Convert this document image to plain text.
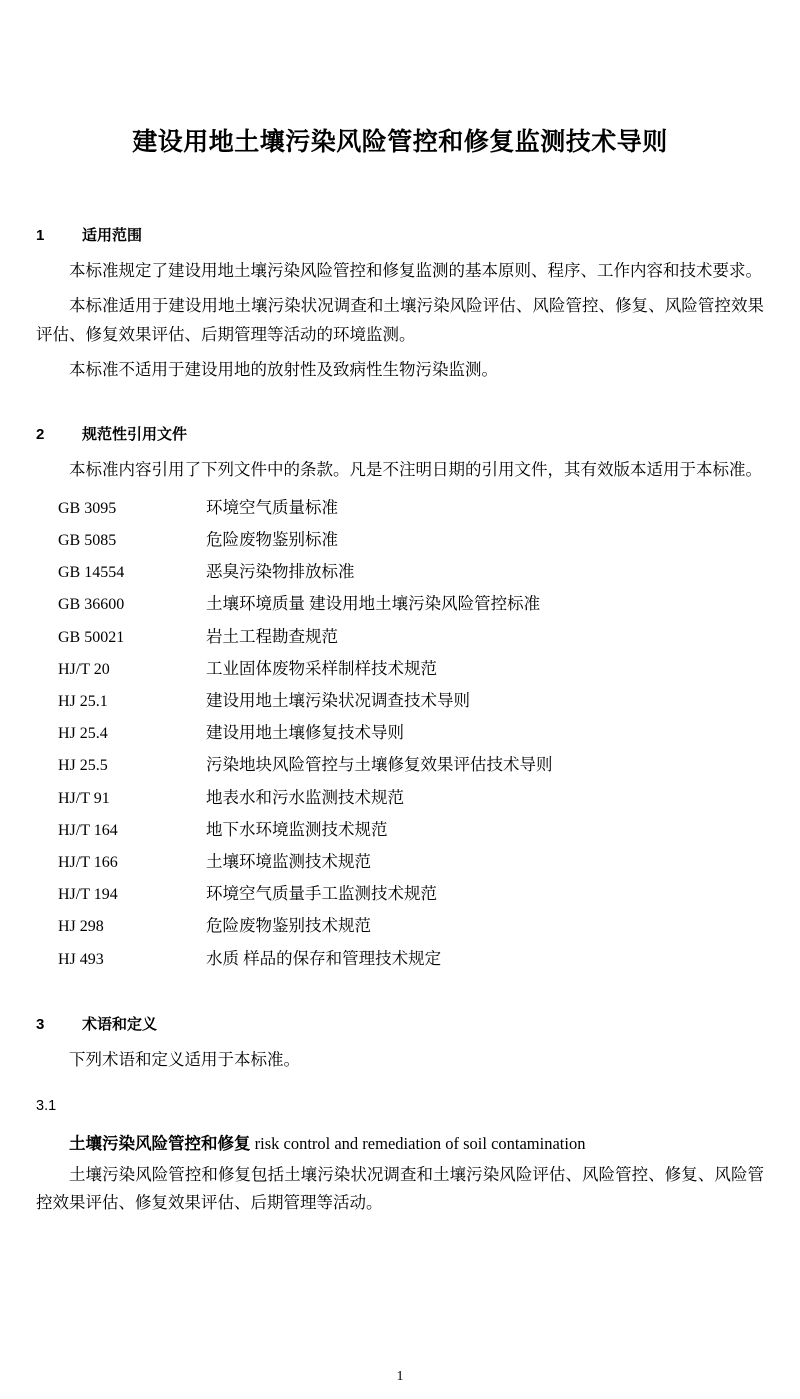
建设用地土壤污染风险管控和修复监测技术导则
1	适用范围

本标准规定了建设用地土壤污染风险管控和修复监测的基本原则、程序、工作内容和技术要求。

本标准适用于建设用地土壤污染状况调查和土壤污染风险评估、风险管控、修复、风险管控效果评估、修复效果评估、后期管理等活动的环境监测。

本标准不适用于建设用地的放射性及致病性生物污染监测。

2	规范性引用文件

本标准内容引用了下列文件中的条款。凡是不注明日期的引用文件，其有效版本适用于本标准。

GB 3095	环境空气质量标准
GB 5085	危险废物鉴别标准
GB 14554	恶臭污染物排放标准
GB 36600	土壤环境质量 建设用地土壤污染风险管控标准
GB 50021	岩土工程勘查规范
HJ/T 20	工业固体废物采样制样技术规范
HJ 25.1	建设用地土壤污染状况调查技术导则
HJ 25.4	建设用地土壤修复技术导则
HJ 25.5	污染地块风险管控与土壤修复效果评估技术导则
HJ/T 91	地表水和污水监测技术规范
HJ/T 164	地下水环境监测技术规范
HJ/T 166	土壤环境监测技术规范
HJ/T 194	环境空气质量手工监测技术规范
HJ 298	危险废物鉴别技术规范
HJ 493	水质 样品的保存和管理技术规定
3	术语和定义

下列术语和定义适用于本标准。

3.1
土壤污染风险管控和修复 risk control and remediation of soil contamination

土壤污染风险管控和修复包括土壤污染状况调查和土壤污染风险评估、风险管控、修复、风险管控效果评估、修复效果评估、后期管理等活动。

1
